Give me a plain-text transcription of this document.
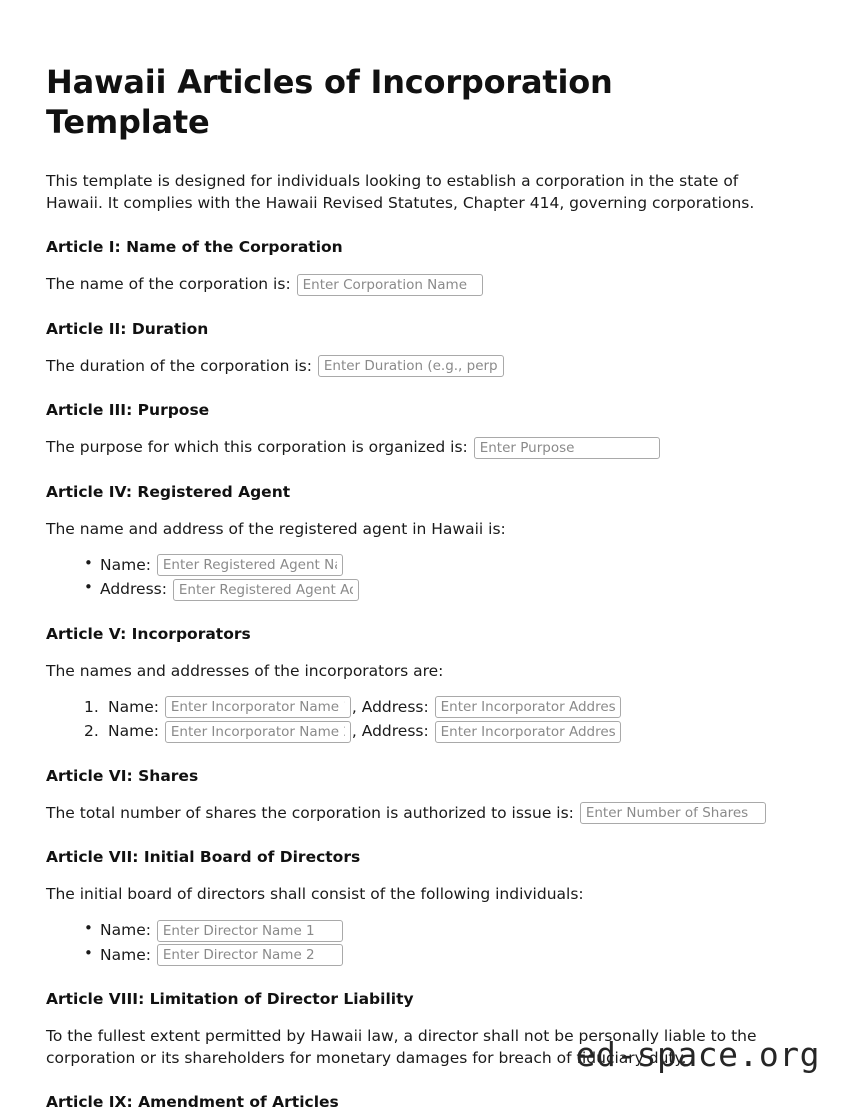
Hawaii Articles of Incorporation Template

This template is designed for individuals looking to establish a corporation in the state of Hawaii. It complies with the Hawaii Revised Statutes, Chapter 414, governing corporations.

Article I: Name of the Corporation

The name of the corporation is: Enter Corporation Name

Article II: Duration

The duration of the corporation is: Enter Duration (e.g., perpetual)

Article III: Purpose

The purpose for which this corporation is organized is: Enter Purpose

Article IV: Registered Agent

The name and address of the registered agent in Hawaii is:

• Name: Enter Registered Agent Name
• Address: Enter Registered Agent Address
Article V: Incorporators

The names and addresses of the incorporators are:

Name: Enter Incorporator Name 1	, Address: Enter Incorporator Address 1
Name: Enter Incorporator Name 2	, Address: Enter Incorporator Address 2
Article VI: Shares

The total number of shares the corporation is authorized to issue is: Enter Number of Shares

Article VII: Initial Board of Directors

The initial board of directors shall consist of the following individuals:

• Name: Enter Director Name 1
• Name: Enter Director Name 2
Article VIII: Limitation of Director Liability

To the fullest extent permitted by Hawaii law, a director shall not be personally liable to the corporation or its shareholders for monetary damages for breach of fiduciary duty.

Article IX: Amendment of Articles
ed-space.org
